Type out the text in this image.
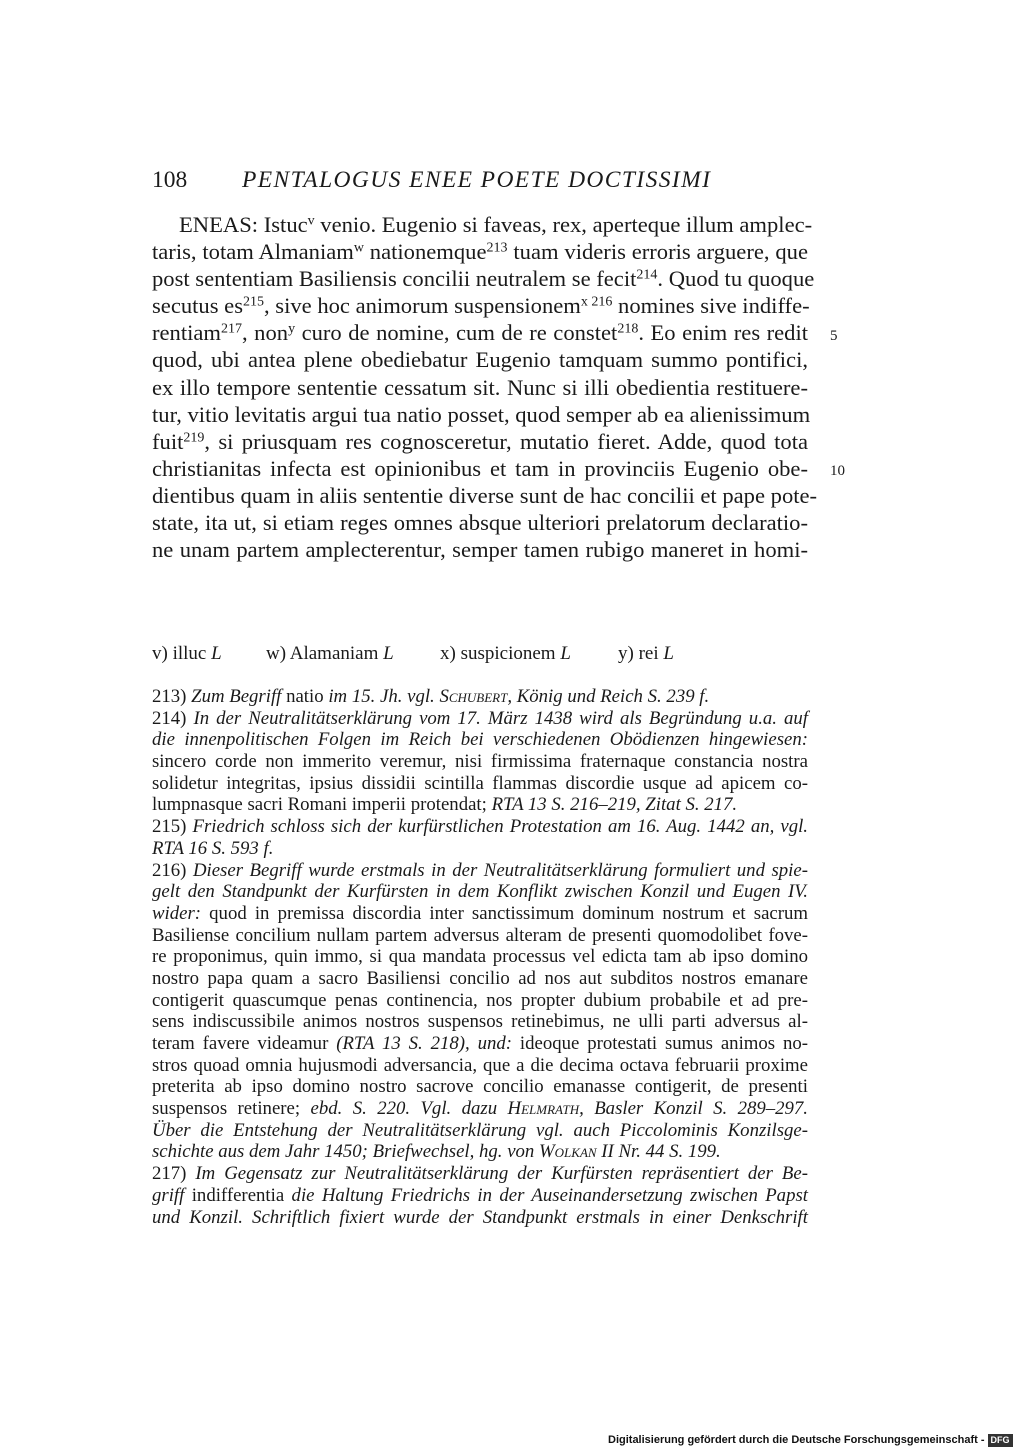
108 PENTALOGUS ENEE POETE DOCTISSIMI
ENEAS: Istuc$^v$ venio. Eugenio si faveas, rex, aperteque illum amplec-
taris, totam Almaniam$^w$ nationemque$^{213}$ tuam videris erroris arguere, que
post sententiam Basiliensis concilii neutralem se fecit$^{214}$. Quod tu quoque
secutus $es^{215}$, sive hoc animorum suspensionem$^{x 216}$ nomines sive indiffe-
rentiam$^{217}$, non$^y$ curo de nomine, cum de re constet$^{218}$. Eo enim res redit
quod, ubi antea plene obediebatur Eugenio tamquam summo pontifici,
ex illo tempore sententie cessatum sit. Nunc si illi obedientia restituere-
tur, vitio levitatis argui tua natio posset, quod semper ab ea alienissimum
fuit$^{219}$, si priusquam res cognosceretur, mutatio fieret. Adde, quod tota
christianitas infecta est opinionibus et tam in provinciis Eugenio obe-
dientibus quam in aliis sententie diverse sunt de hac concilii et pape pote-
state, ita ut, si etiam reges omnes absque ulteriori prelatorum declaratio-
ne unam partem amplecterentur, semper tamen rubigo maneret in homi-
5
10
v) illuc L w) Alamaniam L x) suspicionem L y) rei L
213) Zum Begriff natio im 15. Jh. vgl. Schubert, König und Reich S. 239 f.
214) In der Neutralitätserklärung vom 17. März 1438 wird als Begründung u.a. auf
die innenpolitischen Folgen im Reich bei verschiedenen Obödienzen hingewiesen:
sincero corde non immerito veremur, nisi firmissima fraternaque constancia nostra
solidetur integritas, ipsius dissidii scintilla flammas discordie usque ad apicem co-
lumpnasque sacri Romani imperii protendat; RTA 13 S. 216–219, Zitat S. 217.
215) Friedrich schloss sich der kurfürstlichen Protestation am 16. Aug. 1442 an, vgl.
RTA 16 S. 593 f.
216) Dieser Begriff wurde erstmals in der Neutralitätserklärung formuliert und spie-
gelt den Standpunkt der Kurfürsten in dem Konflikt zwischen Konzil und Eugen IV.
wider: quod in premissa discordia inter sanctissimum dominum nostrum et sacrum
Basiliense concilium nullam partem adversus alteram de presenti quomodolibet fove-
re proponimus, quin immo, si qua mandata processus vel edicta tam ab ipso domino
nostro papa quam a sacro Basiliensi concilio ad nos aut subditos nostros emanare
contigerit quascumque penas continencia, nos propter dubium probabile et ad pre-
sens indiscussibile animos nostros suspensos retinebimus, ne ulli parti adversus al-
teram favere videamur (RTA 13 S. 218), und: ideoque protestati sumus animos no-
stros quoad omnia hujusmodi adversancia, que a die decima octava februarii proxime
preterita ab ipso domino nostro sacrove concilio emanasse contigerit, de presenti
suspensos retinere; ebd. S. 220. Vgl. dazu Helmrath, Basler Konzil S. 289–297.
Über die Entstehung der Neutralitätserklärung vgl. auch Piccolominis Konzilsge-
schichte aus dem Jahr 1450; Briefwechsel, hg. von Wolkan II Nr. 44 S. 199.
217) Im Gegensatz zur Neutralitätserklärung der Kurfürsten repräsentiert der Be-
griff indifferentia die Haltung Friedrichs in der Auseinandersetzung zwischen Papst
und Konzil. Schriftlich fixiert wurde der Standpunkt erstmals in einer Denkschrift
Digitalisierung gefördert durch die Deutsche Forschungsgemeinschaft - DFG
